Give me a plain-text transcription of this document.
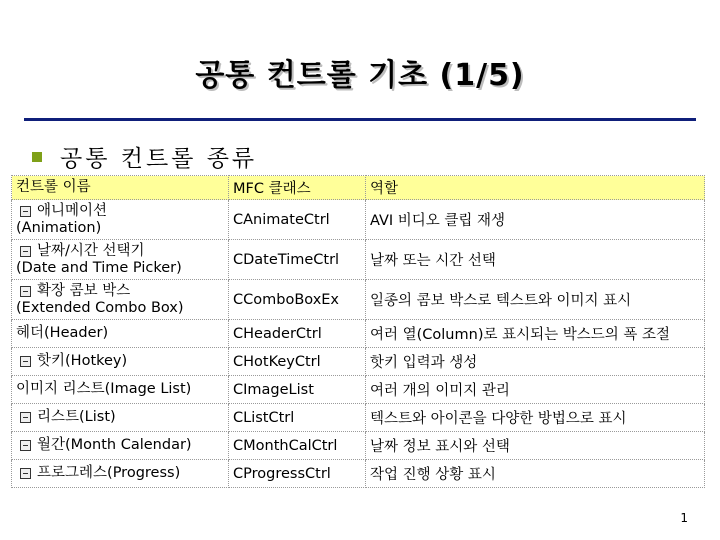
공통 컨트롤 기초 (1/5)
공통 컨트롤 종류
컨트롤 이름	MFC 클래스	역할

애니메이션
(Animation)	CAnimateCtrl	AVI 비디오 클립 재생

날짜/시간 선택기
(Date and Time Picker)	CDateTimeCtrl	날짜 또는 시간 선택

확장 콤보 박스
(Extended Combo Box)	CComboBoxEx	일종의 콤보 박스로 텍스트와 이미지 표시

헤더(Header)	CHeaderCtrl	여러 열(Column)로 표시되는 박스드의 폭 조절

핫키(Hotkey)	CHotKeyCtrl	핫키 입력과 생성

이미지 리스트(Image List)	CImageList	여러 개의 이미지 관리

리스트(List)	CListCtrl	텍스트와 아이콘을 다양한 방법으로 표시

월간(Month Calendar)	CMonthCalCtrl	날짜 정보 표시와 선택

프로그레스(Progress)	CProgressCtrl	작업 진행 상황 표시
1
